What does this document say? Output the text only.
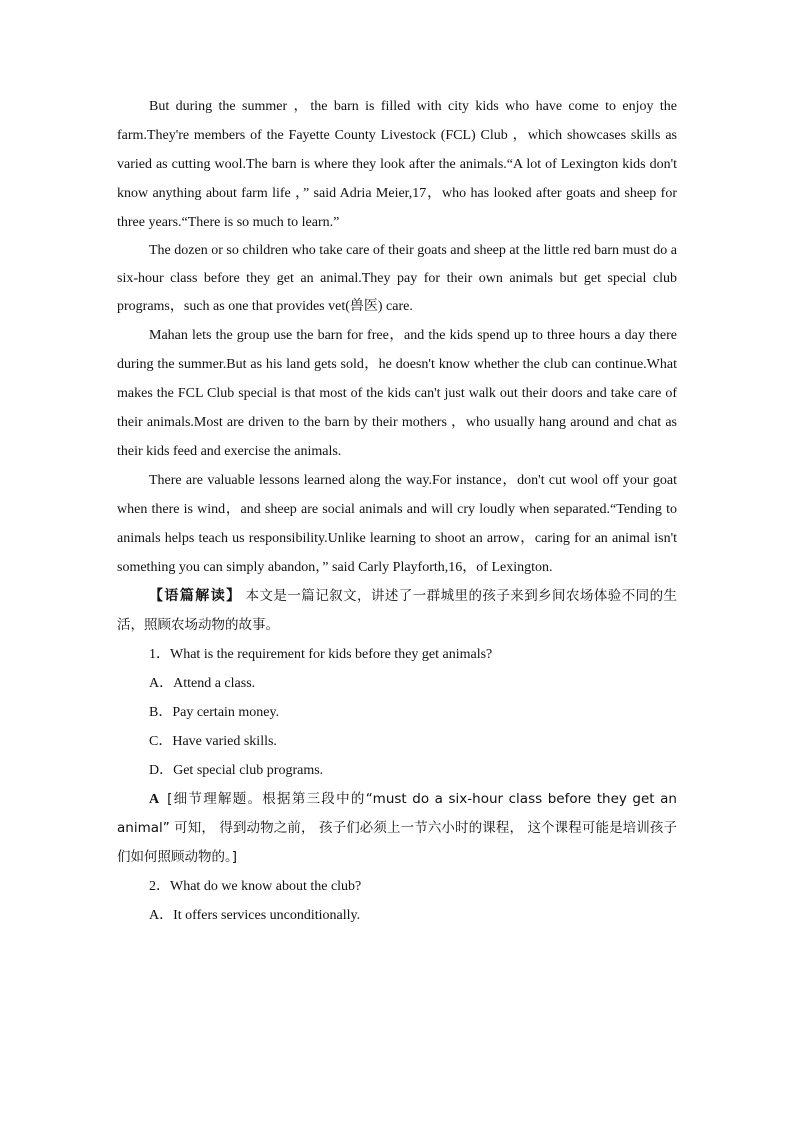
But during the summer ，the barn is filled with city kids who have come to enjoy the farm.They're members of the Fayette County Livestock (FCL) Club ，which showcases skills as varied as cutting wool.The barn is where they look after the animals.“A lot of Lexington kids don't know anything about farm life ，” said Adria Meier,17，who has looked after goats and sheep for three years.“There is so much to learn.”

The dozen or so children who take care of their goats and sheep at the little red barn must do a six-hour class before they get an animal.They pay for their own animals but get special club programs，such as one that provides vet(兽医) care.

Mahan lets the group use the barn for free，and the kids spend up to three hours a day there during the summer.But as his land gets sold，he doesn't know whether the club can continue.What makes the FCL Club special is that most of the kids can't just walk out their doors and take care of their animals.Most are driven to the barn by their mothers ，who usually hang around and chat as their kids feed and exercise the animals.

There are valuable lessons learned along the way.For instance，don't cut wool off your goat when there is wind，and sheep are social animals and will cry loudly when separated.“Tending to animals helps teach us responsibility.Unlike learning to shoot an arrow，caring for an animal isn't something you can simply abandon，” said Carly Playforth,16，of Lexington.

【语篇解读】 本文是一篇记叙文，讲述了一群城里的孩子来到乡间农场体验不同的生活，照顾农场动物的故事。

1．What is the requirement for kids before they get animals?

A．Attend a class.

B．Pay certain money.

C．Have varied skills.

D．Get special club programs.

A [细节理解题。根据第三段中的“must do a six-hour class before they get an animal” 可知， 得到动物之前， 孩子们必须上一节六小时的课程， 这个课程可能是培训孩子们如何照顾动物的。]

2．What do we know about the club?

A．It offers services unconditionally.
